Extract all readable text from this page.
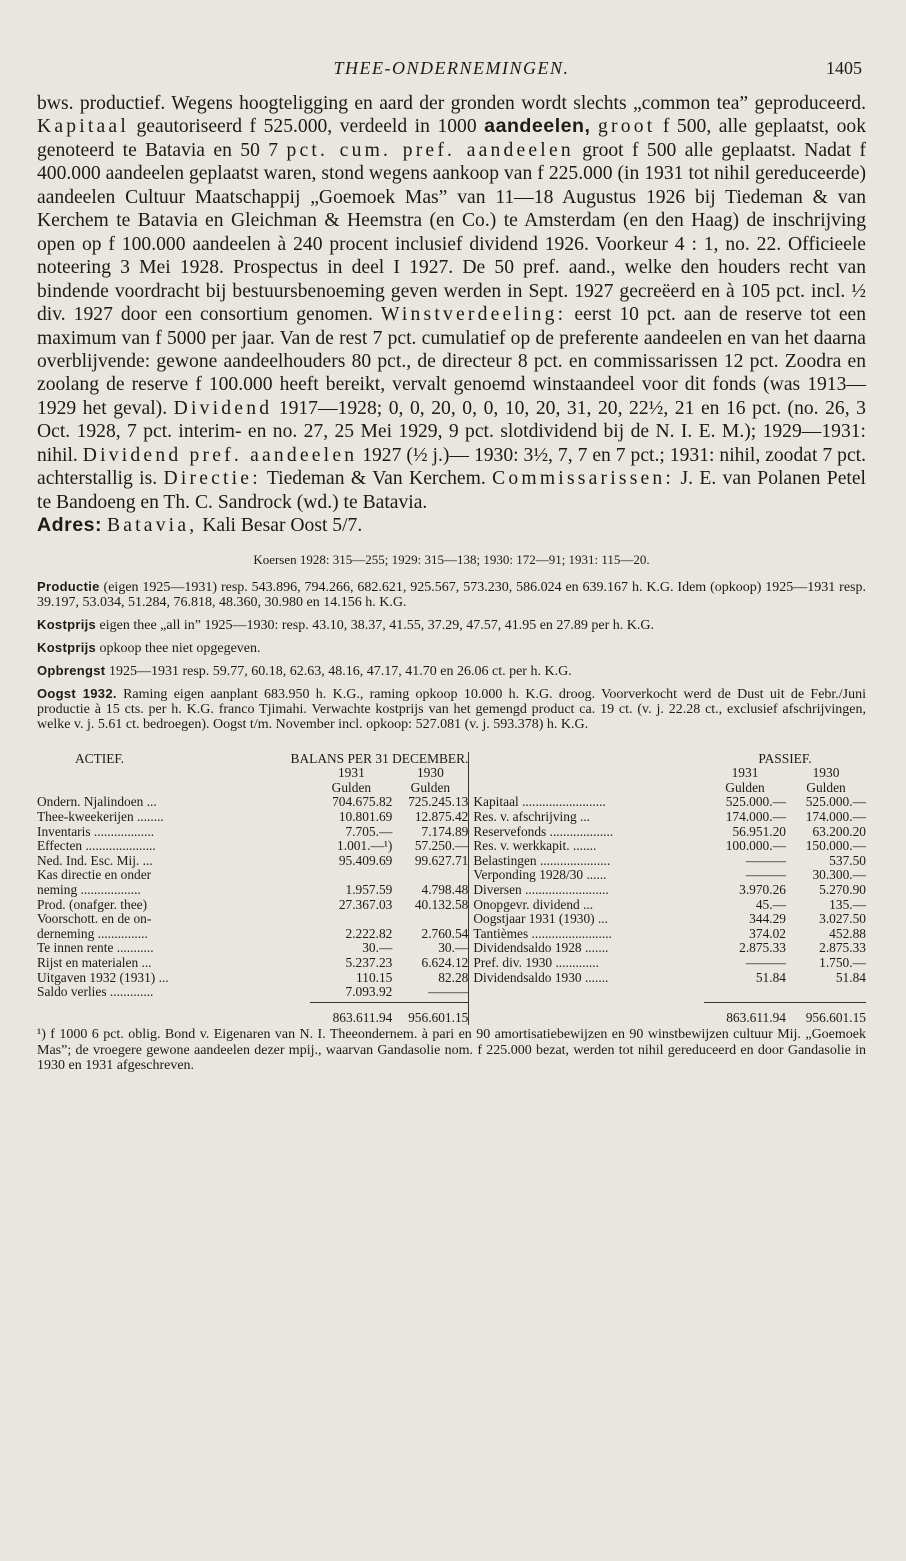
THEE-ONDERNEMINGEN.	1405
bws. productief. Wegens hoogteligging en aard der gronden wordt slechts „common tea” geproduceerd. Kapitaal geautoriseerd f 525.000, verdeeld in 1000 aandeelen, groot f 500, alle geplaatst, ook genoteerd te Batavia en 50 7 pct. cum. pref. aandeelen groot f 500 alle geplaatst. Nadat f 400.000 aandeelen geplaatst waren, stond wegens aankoop van f 225.000 (in 1931 tot nihil gereduceerde) aandeelen Cultuur Maatschappij „Goemoek Mas” van 11—18 Augustus 1926 bij Tiedeman & van Kerchem te Batavia en Gleichman & Heemstra (en Co.) te Amsterdam (en den Haag) de inschrijving open op f 100.000 aandeelen à 240 procent inclusief dividend 1926. Voorkeur 4 : 1, no. 22. Officieele noteering 3 Mei 1928. Prospectus in deel I 1927. De 50 pref. aand., welke den houders recht van bindende voordracht bij bestuursbenoeming geven werden in Sept. 1927 gecreëerd en à 105 pct. incl. ½ div. 1927 door een consortium genomen. Winstverdeeling: eerst 10 pct. aan de reserve tot een maximum van f 5000 per jaar. Van de rest 7 pct. cumulatief op de preferente aandeelen en van het daarna overblijvende: gewone aandeelhouders 80 pct., de directeur 8 pct. en commissarissen 12 pct. Zoodra en zoolang de reserve f 100.000 heeft bereikt, vervalt genoemd winstaandeel voor dit fonds (was 1913—1929 het geval). Dividend 1917—1928; 0, 0, 20, 0, 0, 10, 20, 31, 20, 22½, 21 en 16 pct. (no. 26, 3 Oct. 1928, 7 pct. interim- en no. 27, 25 Mei 1929, 9 pct. slotdividend bij de N. I. E. M.); 1929—1931: nihil. Dividend pref. aandeelen 1927 (½ j.)— 1930: 3½, 7, 7 en 7 pct.; 1931: nihil, zoodat 7 pct. achterstallig is. Directie: Tiedeman & Van Kerchem. Commissarissen: J. E. van Polanen Petel te Bandoeng en Th. C. Sandrock (wd.) te Batavia.
Adres: Batavia, Kali Besar Oost 5/7.
Koersen 1928: 315—255; 1929: 315—138; 1930: 172—91; 1931: 115—20.
Productie (eigen 1925—1931) resp. 543.896, 794.266, 682.621, 925.567, 573.230, 586.024 en 639.167 h. K.G. Idem (opkoop) 1925—1931 resp. 39.197, 53.034, 51.284, 76.818, 48.360, 30.980 en 14.156 h. K.G.
Kostprijs eigen thee „all in” 1925—1930: resp. 43.10, 38.37, 41.55, 37.29, 47.57, 41.95 en 27.89 per h. K.G.
Kostprijs opkoop thee niet opgegeven.
Opbrengst 1925—1931 resp. 59.77, 60.18, 62.63, 48.16, 47.17, 41.70 en 26.06 ct. per h. K.G.
Oogst 1932. Raming eigen aanplant 683.950 h. K.G., raming opkoop 10.000 h. K.G. droog. Voorverkocht werd de Dust uit de Febr./Juni productie à 15 cts. per h. K.G. franco Tjimahi. Verwachte kostprijs van het gemengd product ca. 19 ct. (v. j. 22.28 ct., exclusief afschrijvingen, welke v. j. 5.61 ct. bedroegen). Oogst t/m. November incl. opkoop: 527.081 (v. j. 593.378) h. K.G.
ACTIEF.	BALANS PER 31 DECEMBER.
1931	1930
Gulden	Gulden
Ondern. Njalindoen ...	704.675.82	725.245.13
Thee-kweekerijen ........	10.801.69	12.875.42
Inventaris ..................	7.705.—	7.174.89
Effecten .....................	1.001.—¹)	57.250.—
Ned. Ind. Esc. Mij. ...	95.409.69	99.627.71
Kas directie en onder
neming ..................	1.957.59	4.798.48
Prod. (onafger. thee)	27.367.03	40.132.58
Voorschott. en de on-
derneming ...............	2.222.82	2.760.54
Te innen rente ...........	30.—	30.—
Rijst en materialen ...	5.237.23	6.624.12
Uitgaven 1932 (1931) ...	110.15	82.28
Saldo verlies .............	7.093.92	———
863.611.94	956.601.15
PASSIEF.
1931	1930
Gulden	Gulden
Kapitaal .........................	525.000.—	525.000.—
Res. v. afschrijving ...	174.000.—	174.000.—
Reservefonds ...................	56.951.20	63.200.20
Res. v. werkkapit. .......	100.000.—	150.000.—
Belastingen .....................	———	537.50
Verponding 1928/30 ......	———	30.300.—
Diversen .........................	3.970.26	5.270.90
Onopgevr. dividend ...	45.—	135.—
Oogstjaar 1931 (1930) ...	344.29	3.027.50
Tantièmes ........................	374.02	452.88
Dividendsaldo 1928 .......	2.875.33	2.875.33
Pref. div. 1930 .............	———	1.750.—
Dividendsaldo 1930 .......	51.84	51.84
863.611.94	956.601.15
¹) f 1000 6 pct. oblig. Bond v. Eigenaren van N. I. Theeondernem. à pari en 90 amortisatiebewijzen en 90 winstbewijzen cultuur Mij. „Goemoek Mas”; de vroegere gewone aandeelen dezer mpij., waarvan Gandasolie nom. f 225.000 bezat, werden tot nihil gereduceerd en door Gandasolie in 1930 en 1931 afgeschreven.
